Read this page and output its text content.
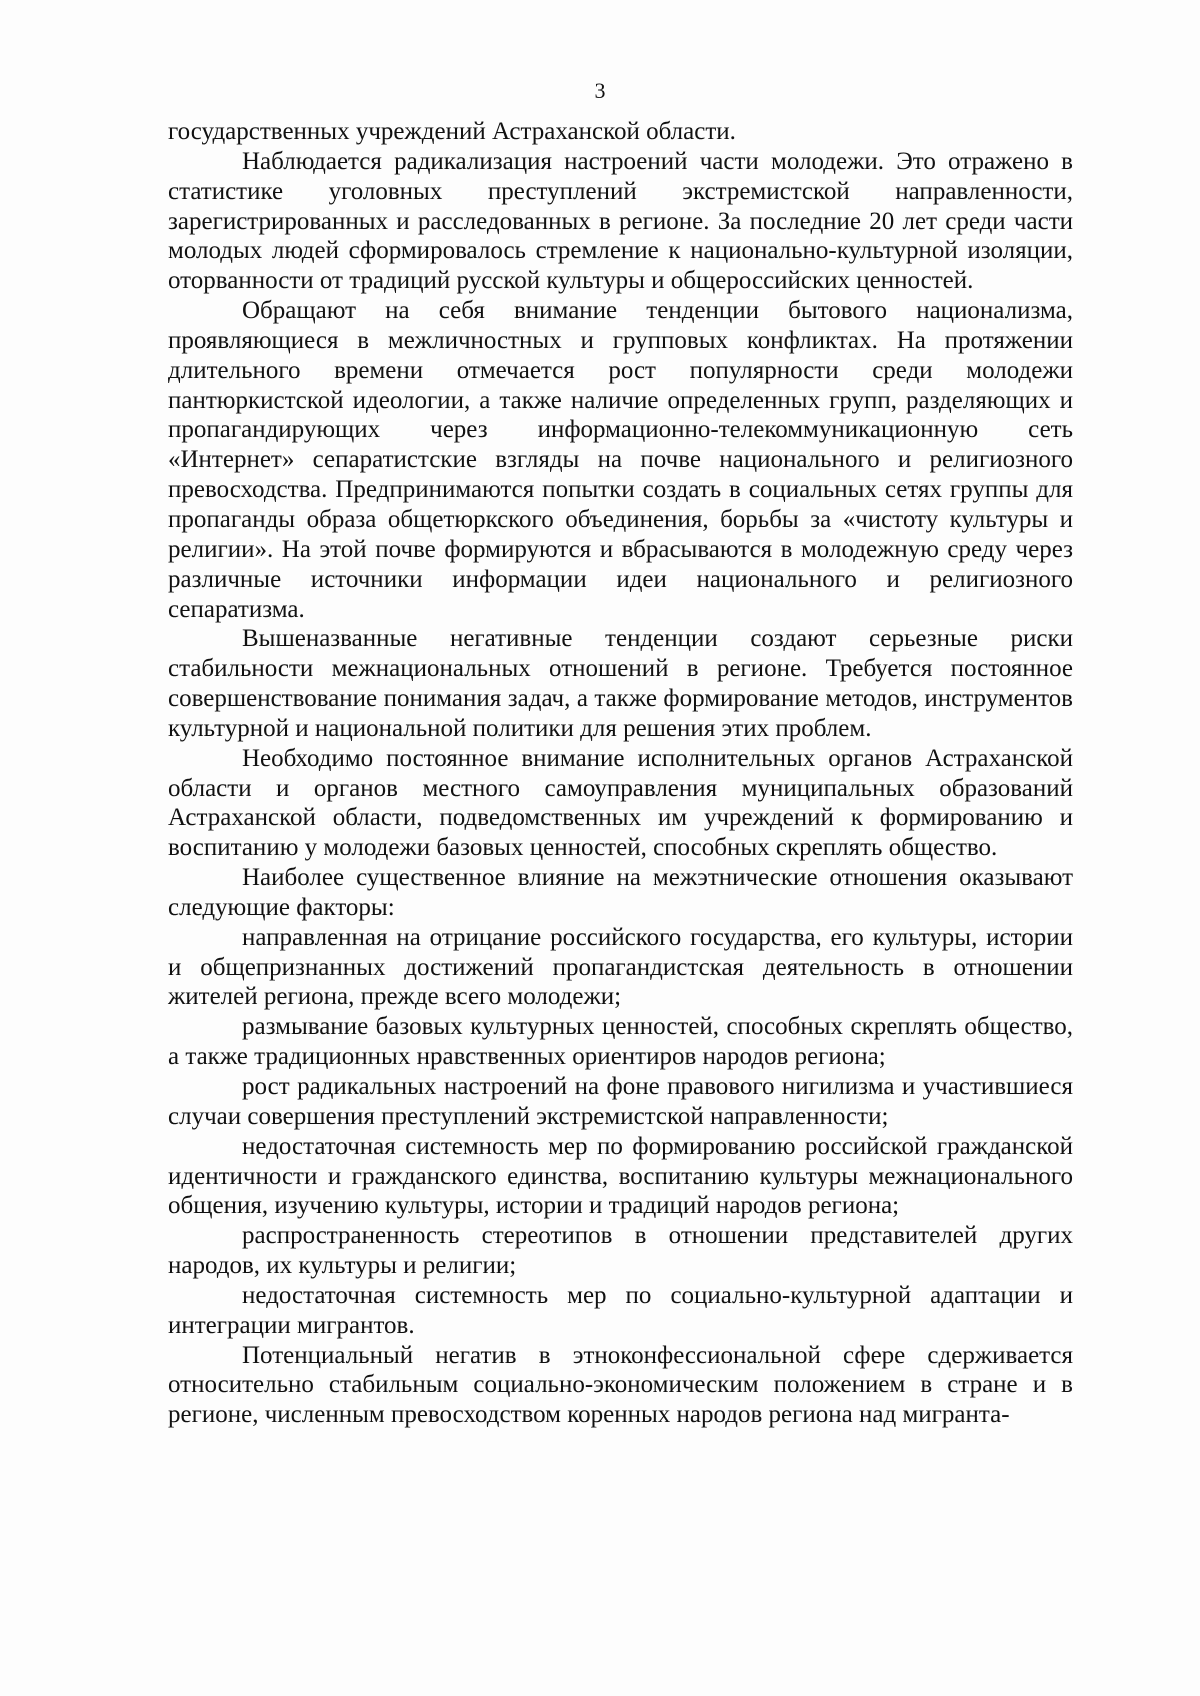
3

государственных учреждений Астраханской области.

Наблюдается радикализация настроений части молодежи. Это отражено в статистике уголовных преступлений экстремистской направленности, зарегистрированных и расследованных в регионе. За последние 20 лет среди части молодых людей сформировалось стремление к национально-культурной изоляции, оторванности от традиций русской культуры и общероссийских ценностей.

Обращают на себя внимание тенденции бытового национализма, проявляющиеся в межличностных и групповых конфликтах. На протяжении длительного времени отмечается рост популярности среди молодежи пантюркистской идеологии, а также наличие определенных групп, разделяющих и пропагандирующих через информационно-телекоммуникационную сеть «Интернет» сепаратистские взгляды на почве национального и религиозного превосходства. Предпринимаются попытки создать в социальных сетях группы для пропаганды образа общетюркского объединения, борьбы за «чистоту культуры и религии». На этой почве формируются и вбрасываются в молодежную среду через различные источники информации идеи национального и религиозного сепаратизма.

Вышеназванные негативные тенденции создают серьезные риски стабильности межнациональных отношений в регионе. Требуется постоянное совершенствование понимания задач, а также формирование методов, инструментов культурной и национальной политики для решения этих проблем.

Необходимо постоянное внимание исполнительных органов Астраханской области и органов местного самоуправления муниципальных образований Астраханской области, подведомственных им учреждений к формированию и воспитанию у молодежи базовых ценностей, способных скреплять общество.

Наиболее существенное влияние на межэтнические отношения оказывают следующие факторы:

направленная на отрицание российского государства, его культуры, истории и общепризнанных достижений пропагандистская деятельность в отношении жителей региона, прежде всего молодежи;

размывание базовых культурных ценностей, способных скреплять общество, а также традиционных нравственных ориентиров народов региона;

рост радикальных настроений на фоне правового нигилизма и участившиеся случаи совершения преступлений экстремистской направленности;

недостаточная системность мер по формированию российской гражданской идентичности и гражданского единства, воспитанию культуры межнационального общения, изучению культуры, истории и традиций народов региона;

распространенность стереотипов в отношении представителей других народов, их культуры и религии;

недостаточная системность мер по социально-культурной адаптации и интеграции мигрантов.

Потенциальный негатив в этноконфессиональной сфере сдерживается относительно стабильным социально-экономическим положением в стране и в регионе, численным превосходством коренных народов региона над мигранта-
